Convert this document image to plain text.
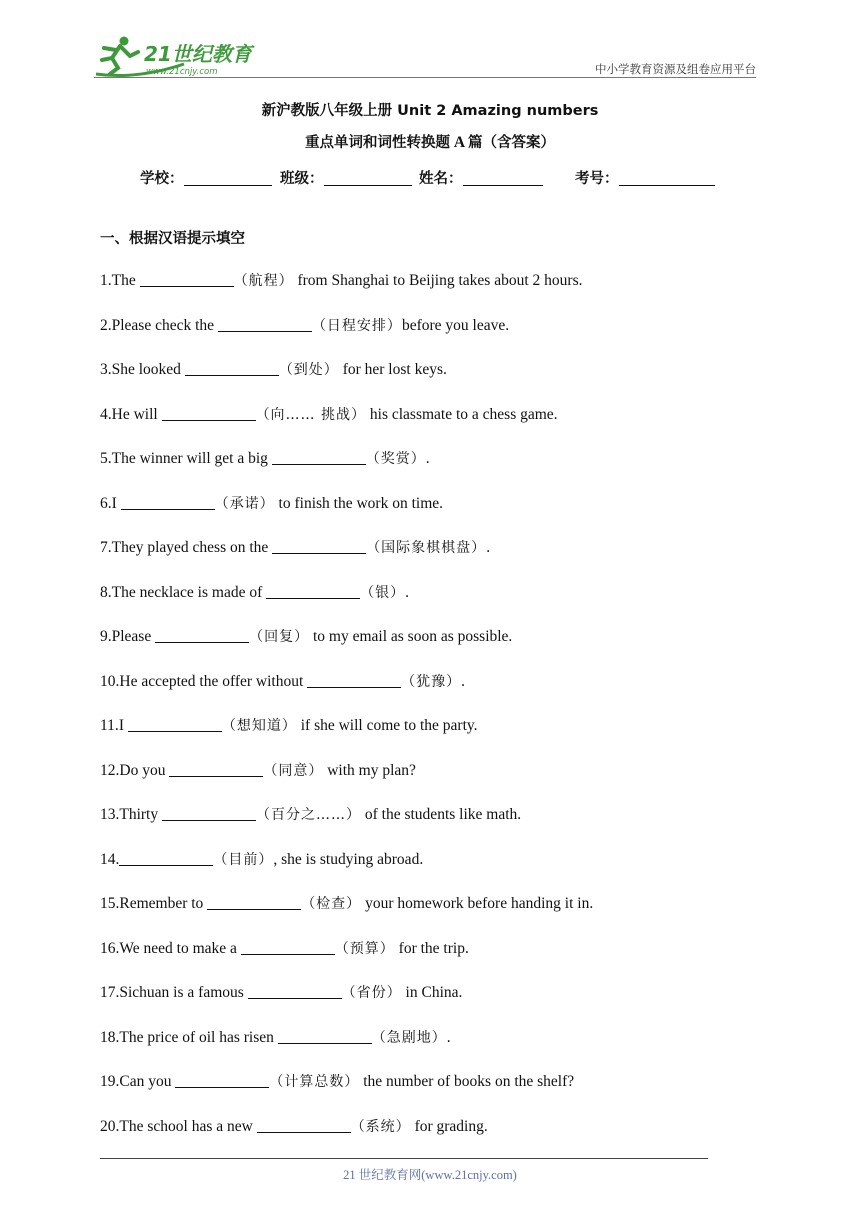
21世纪教育
www.21cnjy.com	中小学教育资源及组卷应用平台
新沪教版八年级上册 Unit 2 Amazing numbers
重点单词和词性转换题 A 篇（含答案）
学校：	班级：	姓名：	考号：
一、根据汉语提示填空
1.The	（航程） from Shanghai to Beijing takes about 2 hours.
2.Please check the	（日程安排）before you leave.
3.She looked	（到处） for her lost keys.
4.He will	（向…… 挑战） his classmate to a chess game.
5.The winner will get a big	（奖赏）.
6.I	（承诺） to finish the work on time.
7.They played chess on the	（国际象棋棋盘）.
8.The necklace is made of	（银）.
9.Please	（回复） to my email as soon as possible.
10.He accepted the offer without	（犹豫）.
11.I	（想知道） if she will come to the party.
12.Do you	（同意） with my plan?
13.Thirty	（百分之……） of the students like math.
14.	（目前）, she is studying abroad.
15.Remember to	（检查） your homework before handing it in.
16.We need to make a	（预算） for the trip.
17.Sichuan is a famous	（省份） in China.
18.The price of oil has risen	（急剧地）.
19.Can you	（计算总数） the number of books on the shelf?
20.The school has a new	（系统） for grading.
21 世纪教育网(www.21cnjy.com)
